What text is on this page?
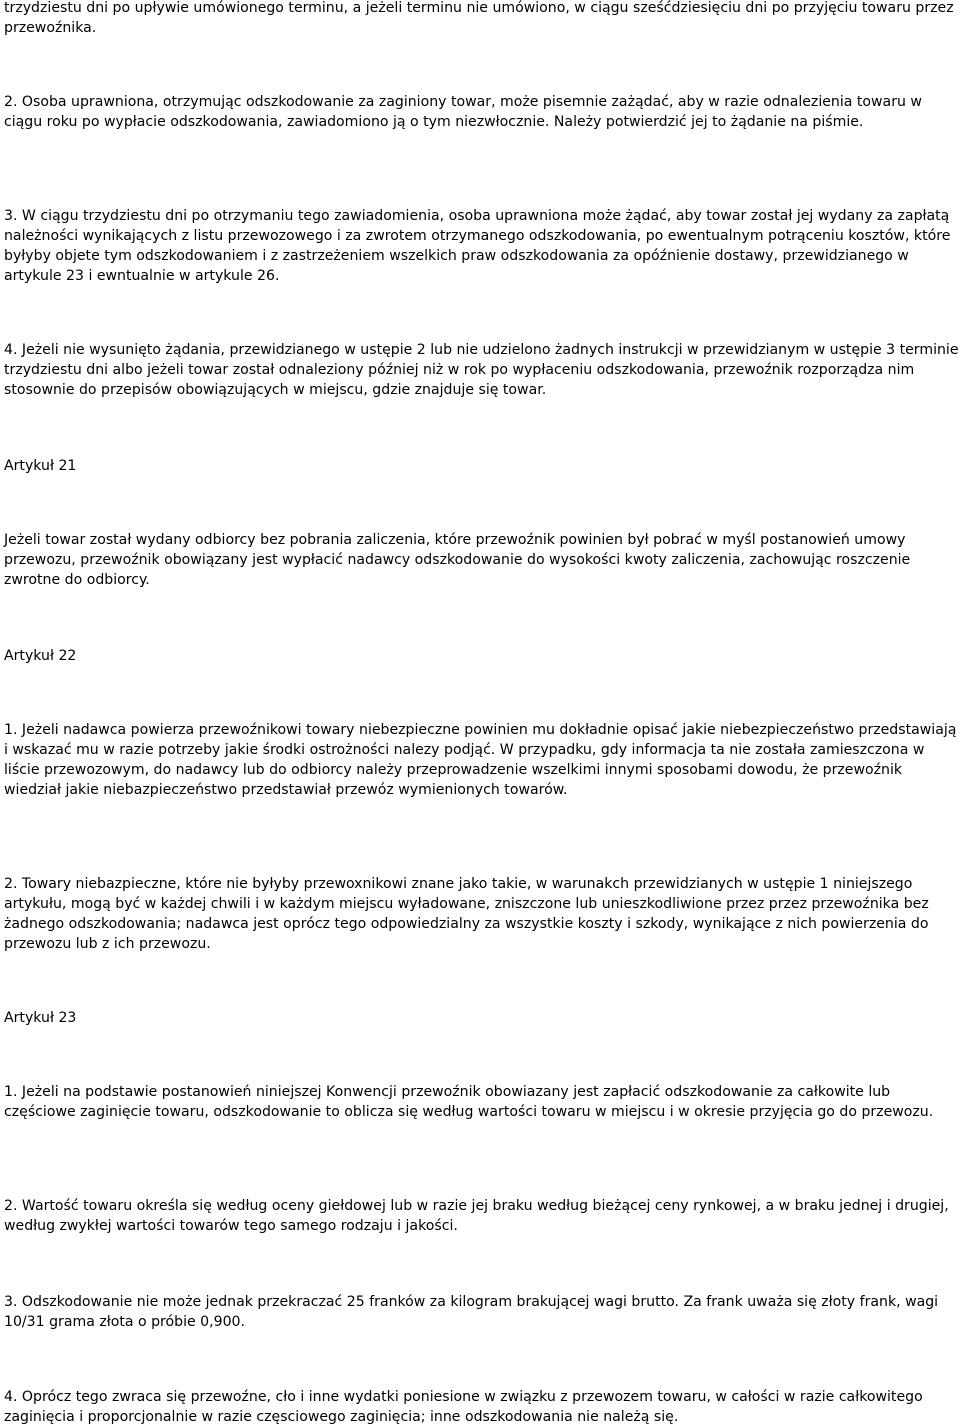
trzydziestu dni po upływie umówionego terminu, a jeżeli terminu nie umówiono, w ciągu sześćdziesięciu dni po przyjęciu towaru przez przewoźnika.

2. Osoba uprawniona, otrzymując odszkodowanie za zaginiony towar, może pisemnie zażądać, aby w razie odnalezienia towaru w ciągu roku po wypłacie odszkodowania, zawiadomiono ją o tym niezwłocznie. Należy potwierdzić jej to żądanie na piśmie.

3. W ciągu trzydziestu dni po otrzymaniu tego zawiadomienia, osoba uprawniona może żądać, aby towar został jej wydany za zapłatą należności wynikających z listu przewozowego i za zwrotem otrzymanego odszkodowania, po ewentualnym potrąceniu kosztów, które byłyby objete tym odszkodowaniem i z zastrzeżeniem wszelkich praw odszkodowania za opóźnienie dostawy, przewidzianego w artykule 23 i ewntualnie w artykule 26.

4. Jeżeli nie wysunięto żądania, przewidzianego w ustępie 2 lub nie udzielono żadnych instrukcji w przewidzianym w ustępie 3 terminie trzydziestu dni albo jeżeli towar został odnaleziony później niż w rok po wypłaceniu odszkodowania, przewoźnik rozporządza nim stosownie do przepisów obowiązujących w miejscu, gdzie znajduje się towar.

Artykuł 21

Jeżeli towar został wydany odbiorcy bez pobrania zaliczenia, które przewoźnik powinien był pobrać w myśl postanowień umowy przewozu, przewoźnik obowiązany jest wypłacić nadawcy odszkodowanie do wysokości kwoty zaliczenia, zachowując roszczenie zwrotne do odbiorcy.

Artykuł 22

1. Jeżeli nadawca powierza przewoźnikowi towary niebezpieczne powinien mu dokładnie opisać jakie niebezpieczeństwo przedstawiają i wskazać mu w razie potrzeby jakie środki ostrożności nalezy podjąć. W przypadku, gdy informacja ta nie została zamieszczona w liście przewozowym, do nadawcy lub do odbiorcy należy przeprowadzenie wszelkimi innymi sposobami dowodu, że przewoźnik wiedział jakie niebazpieczeństwo przedstawiał przewóz wymienionych towarów.

2. Towary niebazpieczne, które nie byłyby przewoxnikowi znane jako takie, w warunakch przewidzianych w ustępie 1 niniejszego artykułu, mogą być w każdej chwili i w każdym miejscu wyładowane, zniszczone lub unieszkodliwione przez przez przewoźnika bez żadnego odszkodowania; nadawca jest oprócz tego odpowiedzialny za wszystkie koszty i szkody, wynikające z nich powierzenia do przewozu lub z ich przewozu.

Artykuł 23

1. Jeżeli na podstawie postanowień niniejszej Konwencji przewoźnik obowiazany jest zapłacić odszkodowanie za całkowite lub częściowe zaginięcie towaru, odszkodowanie to oblicza się według wartości towaru w miejscu i w okresie przyjęcia go do przewozu.

2. Wartość towaru określa się według oceny giełdowej lub w razie jej braku według bieżącej ceny rynkowej, a w braku jednej i drugiej, według zwykłej wartości towarów tego samego rodzaju i jakości.

3. Odszkodowanie nie może jednak przekraczać 25 franków za kilogram brakującej wagi brutto. Za frank uważa się złoty frank, wagi 10/31 grama złota o próbie 0,900.

4. Oprócz tego zwraca się przewoźne, cło i inne wydatki poniesione w związku z przewozem towaru, w całości w razie całkowitego zaginięcia i proporcjonalnie w razie częsciowego zaginięcia; inne odszkodowania nie należą się.
